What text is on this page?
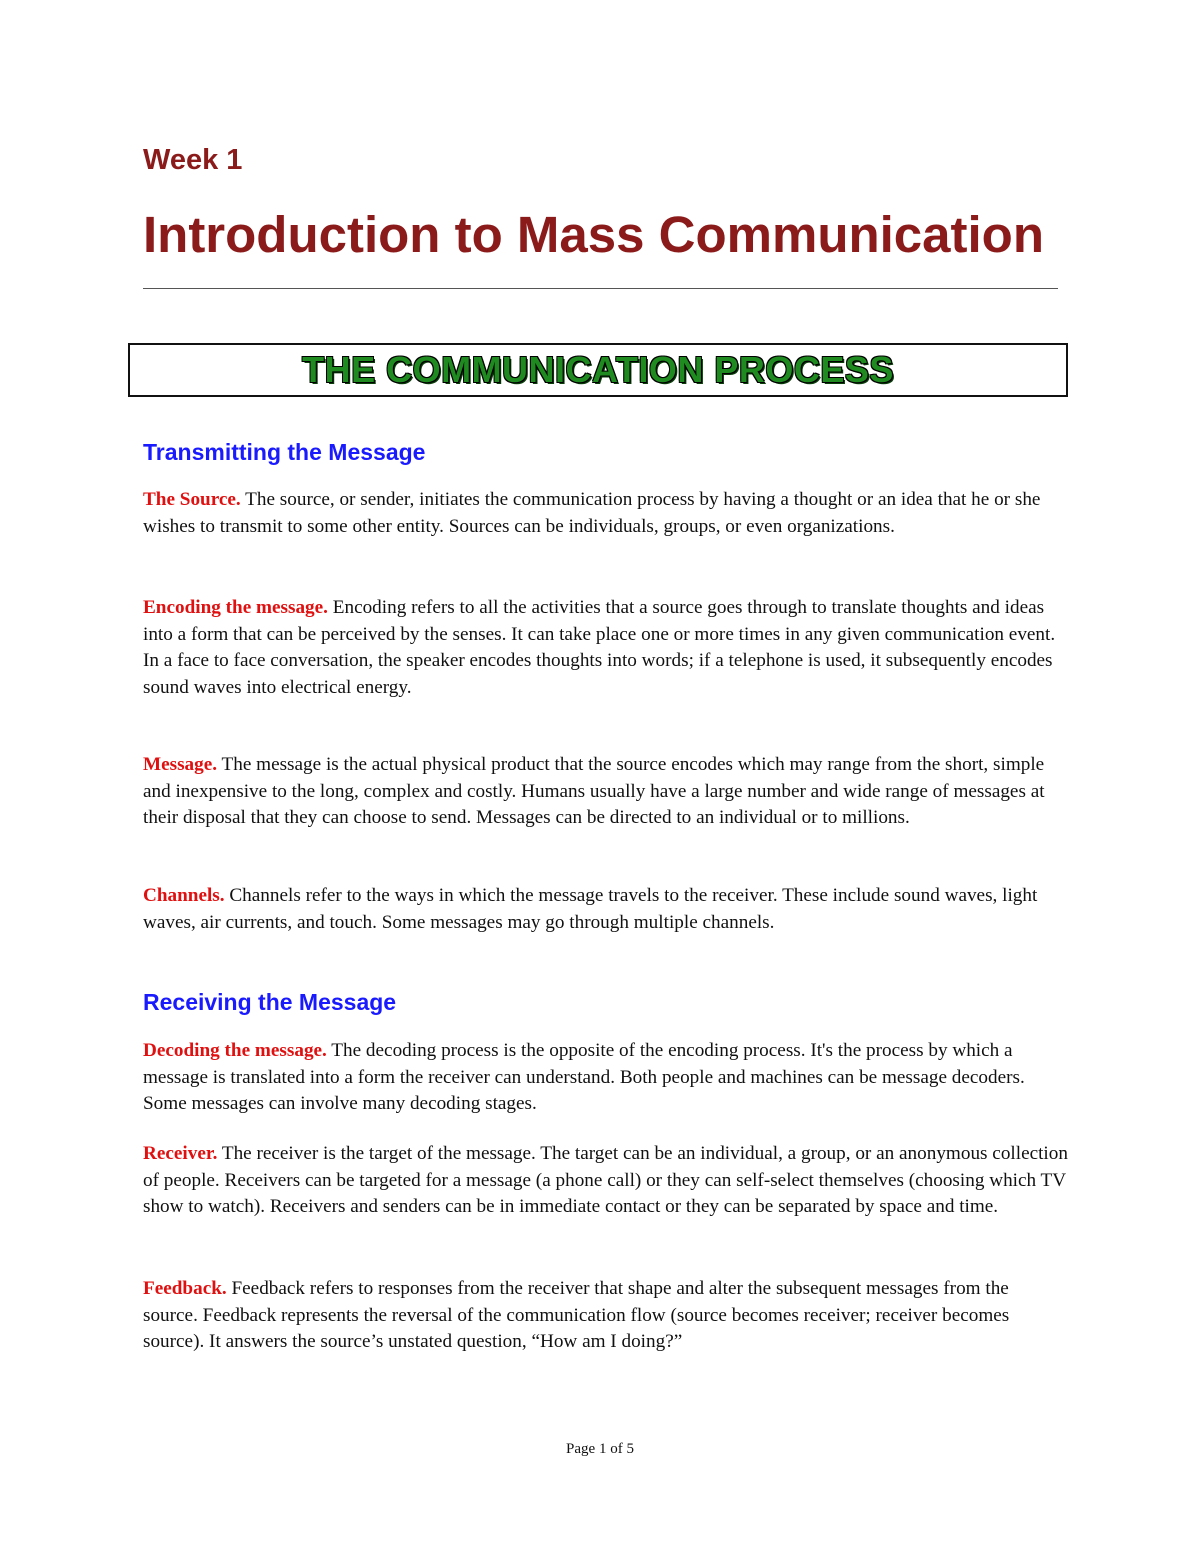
Week 1
Introduction to Mass Communication
THE COMMUNICATION PROCESS
Transmitting the Message

The Source. The source, or sender, initiates the communication process by having a thought or an idea that he or she wishes to transmit to some other entity. Sources can be individuals, groups, or even organizations.

Encoding the message. Encoding refers to all the activities that a source goes through to translate thoughts and ideas into a form that can be perceived by the senses. It can take place one or more times in any given communication event. In a face to face conversation, the speaker encodes thoughts into words; if a telephone is used, it subsequently encodes sound waves into electrical energy.

Message. The message is the actual physical product that the source encodes which may range from the short, simple and inexpensive to the long, complex and costly. Humans usually have a large number and wide range of messages at their disposal that they can choose to send. Messages can be directed to an individual or to millions.

Channels. Channels refer to the ways in which the message travels to the receiver. These include sound waves, light waves, air currents, and touch. Some messages may go through multiple channels.

Receiving the Message

Decoding the message. The decoding process is the opposite of the encoding process. It's the process by which a message is translated into a form the receiver can understand. Both people and machines can be message decoders. Some messages can involve many decoding stages.

Receiver. The receiver is the target of the message. The target can be an individual, a group, or an anonymous collection of people. Receivers can be targeted for a message (a phone call) or they can self-select themselves (choosing which TV show to watch). Receivers and senders can be in immediate contact or they can be separated by space and time.

Feedback. Feedback refers to responses from the receiver that shape and alter the subsequent messages from the source. Feedback represents the reversal of the communication flow (source becomes receiver; receiver becomes source). It answers the source’s unstated question, “How am I doing?”

Page 1 of 5
